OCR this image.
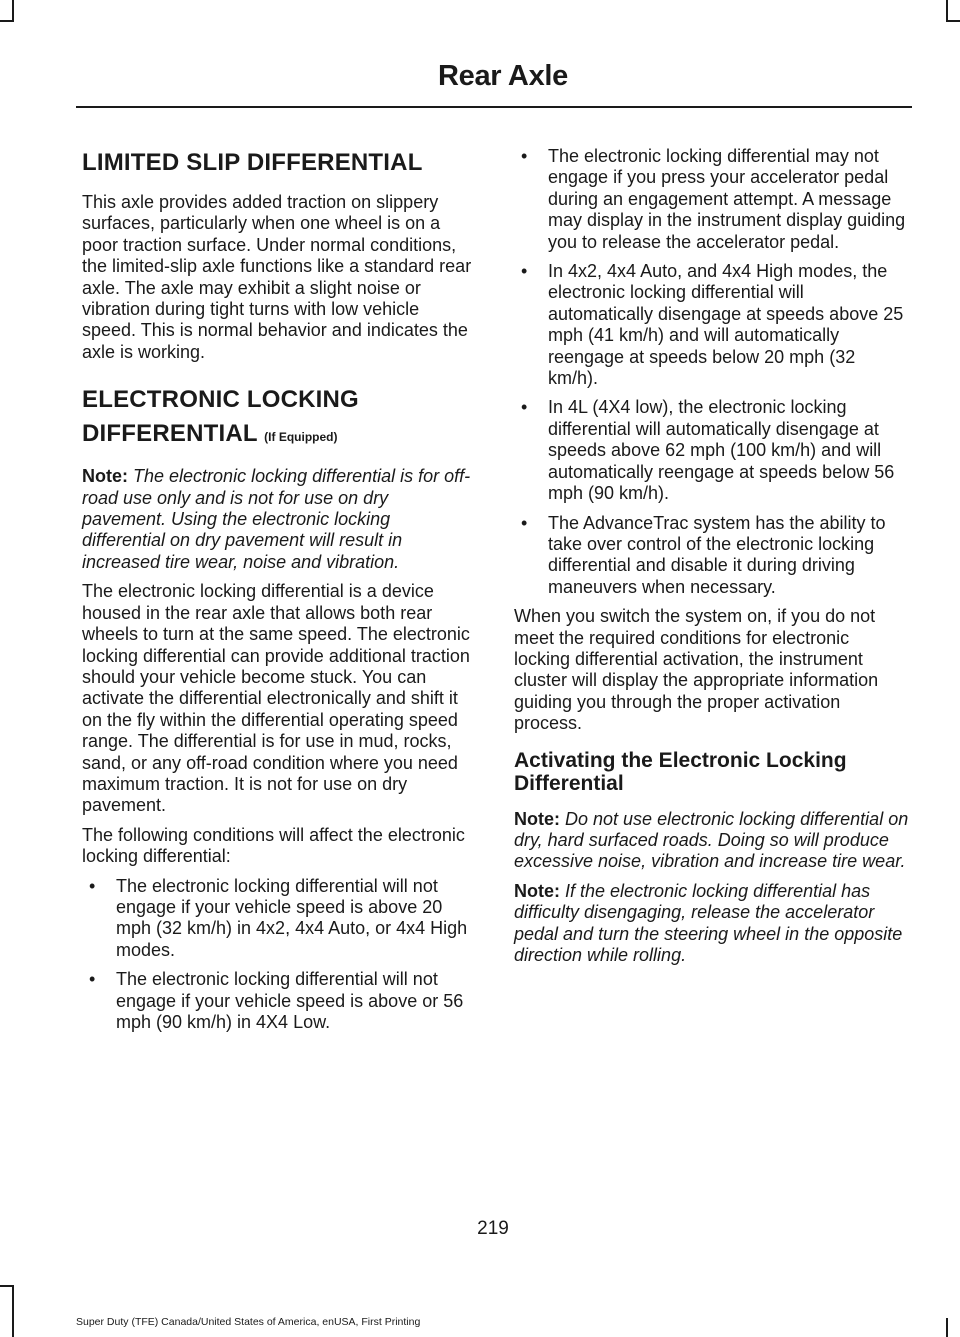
Rear Axle
LIMITED SLIP DIFFERENTIAL

This axle provides added traction on slippery surfaces, particularly when one wheel is on a poor traction surface. Under normal conditions, the limited-slip axle functions like a standard rear axle. The axle may exhibit a slight noise or vibration during tight turns with low vehicle speed. This is normal behavior and indicates the axle is working.

ELECTRONIC LOCKING DIFFERENTIAL (If Equipped)

Note: The electronic locking differential is for off-road use only and is not for use on dry pavement. Using the electronic locking differential on dry pavement will result in increased tire wear, noise and vibration.

The electronic locking differential is a device housed in the rear axle that allows both rear wheels to turn at the same speed. The electronic locking differential can provide additional traction should your vehicle become stuck. You can activate the differential electronically and shift it on the fly within the differential operating speed range. The differential is for use in mud, rocks, sand, or any off-road condition where you need maximum traction. It is not for use on dry pavement.

The following conditions will affect the electronic locking differential:

• The electronic locking differential will not engage if your vehicle speed is above 20 mph (32 km/h) in 4x2, 4x4 Auto, or 4x4 High modes.
• The electronic locking differential will not engage if your vehicle speed is above or 56 mph (90 km/h) in 4X4 Low.
• The electronic locking differential may not engage if you press your accelerator pedal during an engagement attempt. A message may display in the instrument display guiding you to release the accelerator pedal.
• In 4x2, 4x4 Auto, and 4x4 High modes, the electronic locking differential will automatically disengage at speeds above 25 mph (41 km/h) and will automatically reengage at speeds below 20 mph (32 km/h).
• In 4L (4X4 low), the electronic locking differential will automatically disengage at speeds above 62 mph (100 km/h) and will automatically reengage at speeds below 56 mph (90 km/h).
• The AdvanceTrac system has the ability to take over control of the electronic locking differential and disable it during driving maneuvers when necessary.

When you switch the system on, if you do not meet the required conditions for electronic locking differential activation, the instrument cluster will display the appropriate information guiding you through the proper activation process.

Activating the Electronic Locking Differential

Note: Do not use electronic locking differential on dry, hard surfaced roads. Doing so will produce excessive noise, vibration and increase tire wear.

Note: If the electronic locking differential has difficulty disengaging, release the accelerator pedal and turn the steering wheel in the opposite direction while rolling.

219
Super Duty (TFE) Canada/United States of America, enUSA, First Printing
